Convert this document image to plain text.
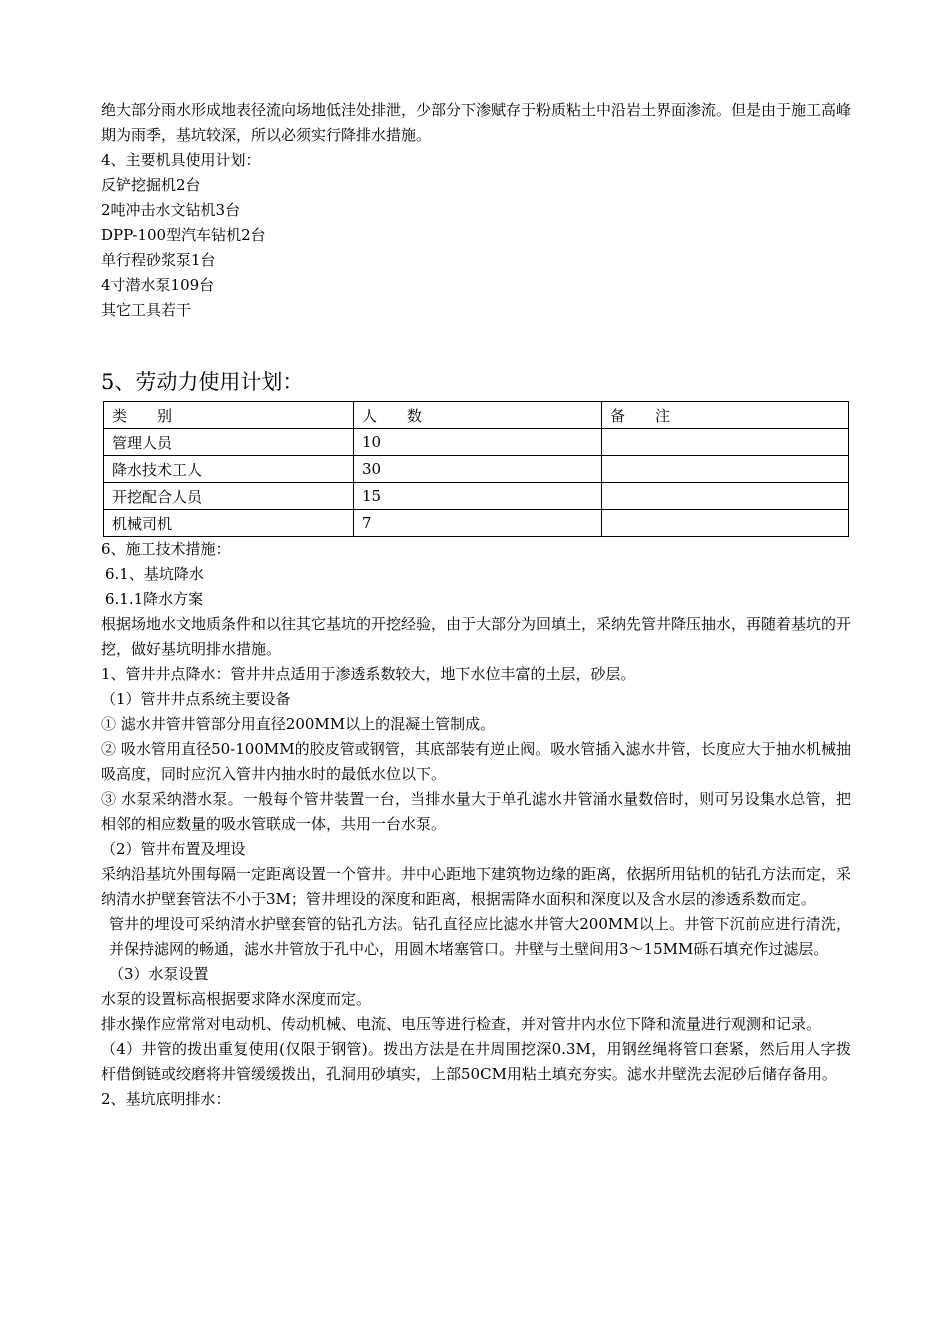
绝大部分雨水形成地表径流向场地低洼处排泄，少部分下渗赋存于粉质粘土中沿岩土界面渗流。但是由于施工高峰期为雨季，基坑较深，所以必须实行降排水措施。

4、主要机具使用计划：

反铲挖掘机2台

2吨冲击水文钻机3台

DPP-100型汽车钻机2台

单行程砂浆泵1台

4寸潜水泵109台

其它工具若干

5、劳动力使用计划：

类　　别	人　　数	备　　注
管理人员	10	
降水技术工人	30	
开挖配合人员	15	
机械司机	7	

6、施工技术措施：

6.1、基坑降水

6.1.1降水方案

根据场地水文地质条件和以往其它基坑的开挖经验，由于大部分为回填土，采纳先管井降压抽水，再随着基坑的开挖，做好基坑明排水措施。

1、管井井点降水：管井井点适用于渗透系数较大，地下水位丰富的土层，砂层。

（1）管井井点系统主要设备

① 滤水井管井管部分用直径200MM以上的混凝土管制成。

② 吸水管用直径50-100MM的胶皮管或钢管，其底部装有逆止阀。吸水管插入滤水井管，长度应大于抽水机械抽吸高度，同时应沉入管井内抽水时的最低水位以下。

③ 水泵采纳潜水泵。一般每个管井装置一台，当排水量大于单孔滤水井管涌水量数倍时，则可另设集水总管，把相邻的相应数量的吸水管联成一体，共用一台水泵。

（2）管井布置及埋设

采纳沿基坑外围每隔一定距离设置一个管井。井中心距地下建筑物边缘的距离，依据所用钻机的钻孔方法而定，采纳清水护壁套管法不小于3M；管井埋设的深度和距离，根据需降水面积和深度以及含水层的渗透系数而定。

管井的埋设可采纳清水护壁套管的钻孔方法。钻孔直径应比滤水井管大200MM以上。井管下沉前应进行清洗，并保持滤网的畅通，滤水井管放于孔中心，用圆木堵塞管口。井壁与土壁间用3～15MM砾石填充作过滤层。

（3）水泵设置

水泵的设置标高根据要求降水深度而定。

排水操作应常常对电动机、传动机械、电流、电压等进行检查，并对管井内水位下降和流量进行观测和记录。

（4）井管的拨出重复使用(仅限于钢管)。拨出方法是在井周围挖深0.3M，用钢丝绳将管口套紧，然后用人字拨杆借倒链或绞磨将井管缓缓拨出，孔洞用砂填实，上部50CM用粘土填充夯实。滤水井壁洗去泥砂后储存备用。

2、基坑底明排水：
